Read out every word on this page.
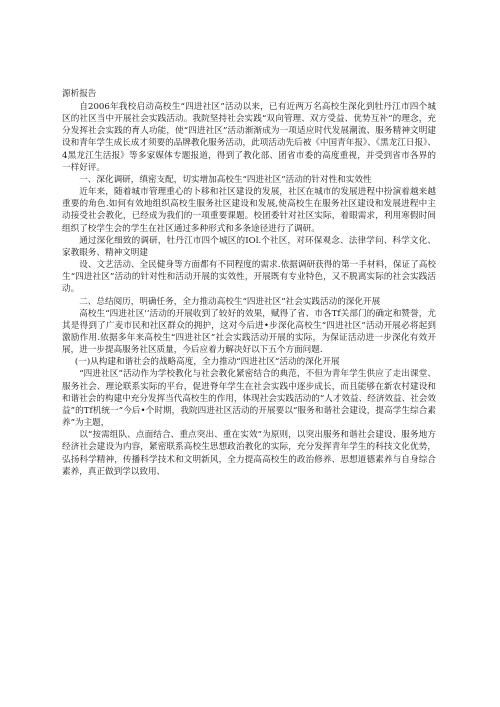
源析报告

自2006年我校启动高校生“四进社区”活动以来，已有近两万名高校生深化到牡丹江市四个城区的社区当中开展社会实践活动。我院坚持社会实践“双向管理、双方受益、优势互补”的理念，充分发挥社会实践的育人功能，使“四进社区”活动渐渐成为一项适应时代发展潮流、服务精神文明建设和青年学生成长成才须要的品牌教化服务活动，此项活动先后被《中国青年报》、《黑龙江日报》、4黑龙江生活报》等多家媒体专题报道，得到了教化部、团省市委的高度重视，并受到省市各界的一样好评。

一、深化调研，缜密支配，切实增加高校生“四进社区”活动的针对性和实效性

近年来，随着城市管理重心的卜移和社区建设的发展，社区在城市的发展进程中扮演着越来越重要的角色.如何有效地组织高校生服务社区建设和发展,使高校生在服务社区建设和发展进程中主动接受社会教化，已经成为我们的一项重要课题。校团委针对社区实际，着眼需求，利用寒假时间组织了校学生会的学生在社区通过多种形式和多条途径进行了调研。

通过深化细致的调研，牡丹江市四个城区的IOl.个社区，对环保观念、法律学问、科学文化、家教眼务、精神文明建

设、文艺活动、全民健身等方面都有不同程度的需求.依据调研获得的第一手材料，保证了高校生“四进社区”活动的针对性和活动开展的实效性，开展既有专业特色，又不脱离实际的社会实践活动。

二、总结阅历，明确任务，全力推动高校生“四进社区”社会实践活动的深化开展

高校生“四进社区'’活动的开展收到了较好的效果，赋得了省、市各Tf关部门的确定和赞誉，尤其是得到了广麦市民和社区群众的拥护，这对今后进•步深化高校生“四进社区”活动开展必将起到激励作用.依据多年来高校生“四进社区”社会实践活动开展的实际，为保证活动进一步深化有效开展，进一步提高服务社区质量，今后应着力解决好以下五个方面问题.

(一)从构建和谐社会的战略高度，全力推动“四进社区”活动的深化开展

“四进社区”活动作为学校教化与社会教化紧密结合的典范，不但为青年学生供应了走出课堂、服务社会、理论联系实际的平台，促进脊年学生在社会实践中逐步成长，而且能够在新农村建设和和谐社会的构建中充分发挥当代高校生的作用，体现社会实践活动的“人才效益、经济效益、社会效益”的Tf机统一”今后•个时期，我院四进社区活动的开展要以“服务和谐社会建设，提高学生综合素养”为主题，

以“按需组队、点面结合、重点突出、重在实效”为原则，以突出服务和谐社会建设、服务地方经济社会建设为内容，紧密联系高校生思想政治教化的实际，充分发挥青年学生的科技文化优势，弘扬科学精神，传播科学技术和文明新风，全力提高高校生的政治修养、思想道德素养与自身综合素养，真正做到学以致用、
